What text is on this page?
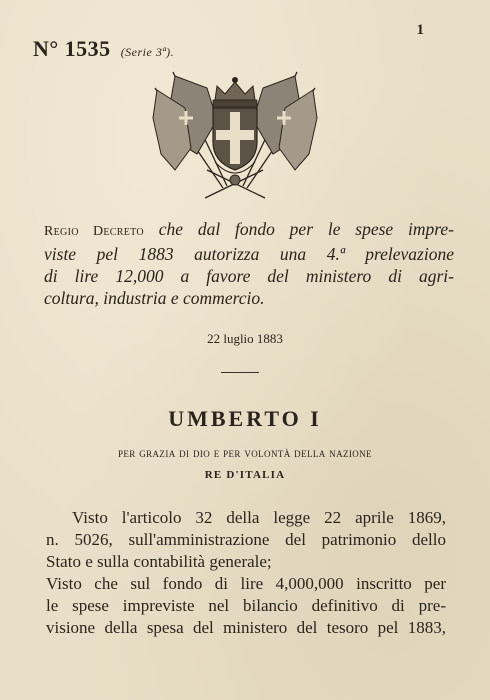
N° 1535 (Serie 3ª).
1
Regio Decreto che dal fondo per le spese impre-
viste pel 1883 autorizza una 4.ª prelevazione
di lire 12,000 a favore del ministero di agri-
coltura, industria e commercio.
22 luglio 1883
UMBERTO I
per grazia di dio e per volontà della nazione
RE D'ITALIA

Visto l'articolo 32 della legge 22 aprile 1869,

n. 5026, sull'amministrazione del patrimonio dello

Stato e sulla contabilità generale;

Visto che sul fondo di lire 4,000,000 inscritto per

le spese impreviste nel bilancio definitivo di pre-

visione della spesa del ministero del tesoro pel 1883,
